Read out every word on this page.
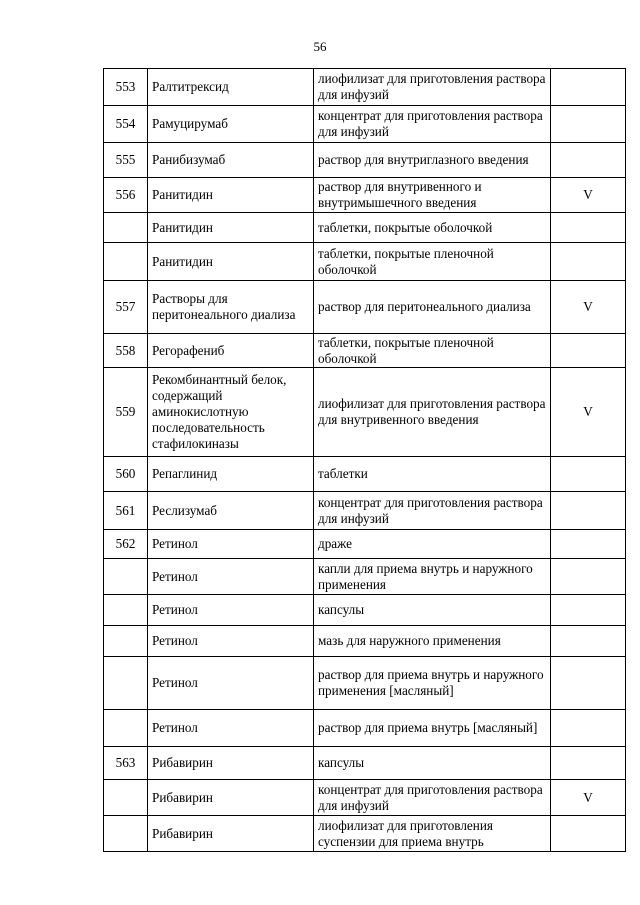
56
553	Ралтитрексид	лиофилизат для приготовления раствора для инфузий	
554	Рамуцирумаб	концентрат для приготовления раствора для инфузий	
555	Ранибизумаб	раствор для внутриглазного введения	
556	Ранитидин	раствор для внутривенного и внутримышечного введения	V
	Ранитидин	таблетки, покрытые оболочкой	
	Ранитидин	таблетки, покрытые пленочной оболочкой	
557	Растворы для перитонеального диализа	раствор для перитонеального диализа	V
558	Регорафениб	таблетки, покрытые пленочной оболочкой	
559	Рекомбинантный белок, содержащий аминокислотную последовательность стафилокиназы	лиофилизат для приготовления раствора для внутривенного введения	V
560	Репаглинид	таблетки	
561	Реслизумаб	концентрат для приготовления раствора для инфузий	
562	Ретинол	драже	
	Ретинол	капли для приема внутрь и наружного применения	
	Ретинол	капсулы	
	Ретинол	мазь для наружного применения	
	Ретинол	раствор для приема внутрь и наружного применения [масляный]	
	Ретинол	раствор для приема внутрь [масляный]	
563	Рибавирин	капсулы	
	Рибавирин	концентрат для приготовления раствора для инфузий	V
	Рибавирин	лиофилизат для приготовления суспензии для приема внутрь	
